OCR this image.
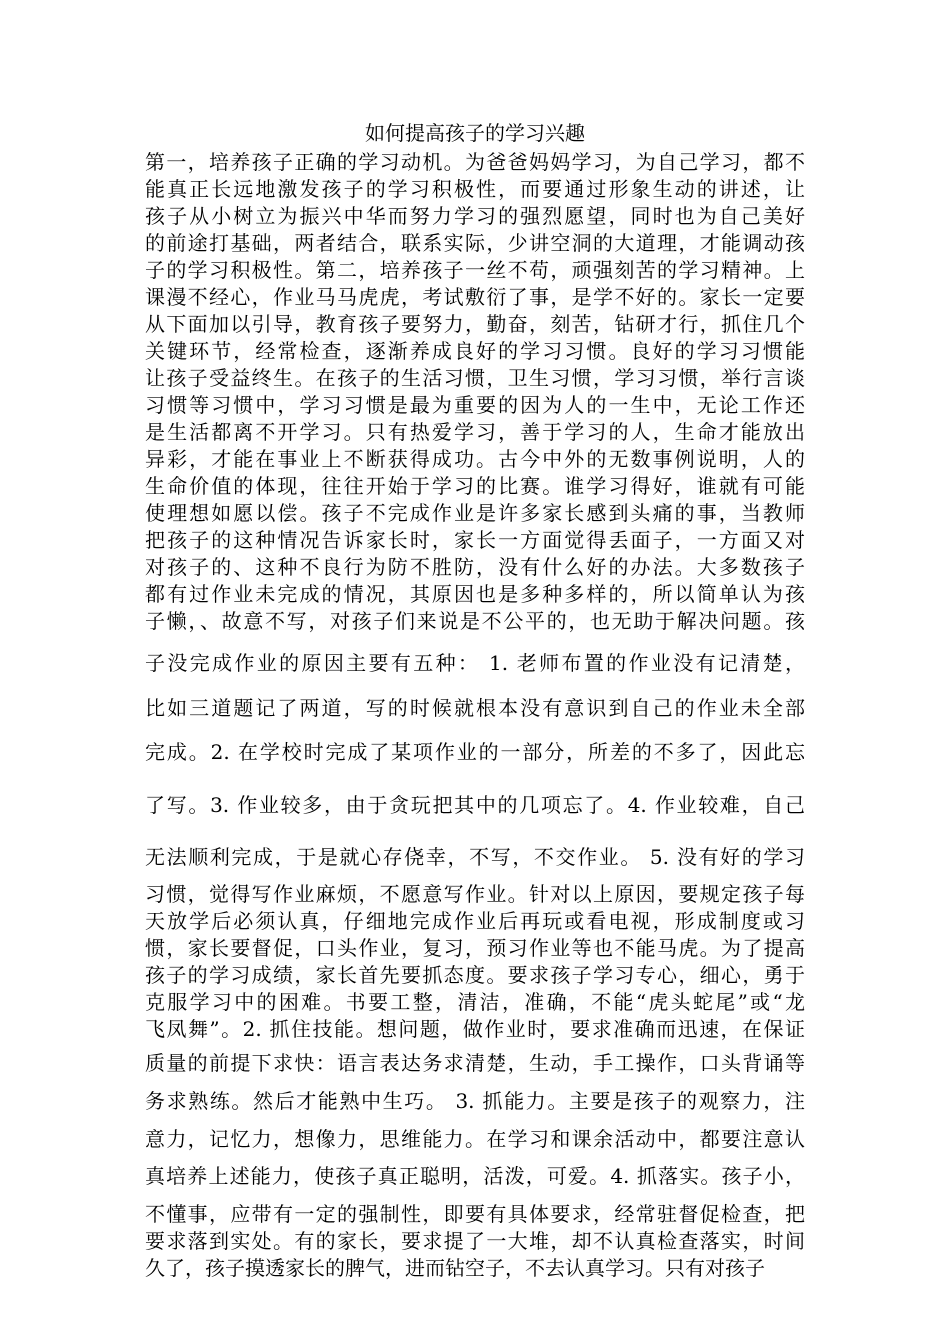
如何提高孩子的学习兴趣
第一，培养孩子正确的学习动机。为爸爸妈妈学习，为自己学习，都不
能真正长远地激发孩子的学习积极性，而要通过形象生动的讲述，让
孩子从小树立为振兴中华而努力学习的强烈愿望，同时也为自己美好
的前途打基础，两者结合，联系实际，少讲空洞的大道理，才能调动孩
子的学习积极性。第二，培养孩子一丝不苟，顽强刻苦的学习精神。上
课漫不经心，作业马马虎虎，考试敷衍了事，是学不好的。家长一定要
从下面加以引导，教育孩子要努力，勤奋，刻苦，钻研才行，抓住几个
关键环节，经常检查，逐渐养成良好的学习习惯。良好的学习习惯能
让孩子受益终生。在孩子的生活习惯，卫生习惯，学习习惯，举行言谈
习惯等习惯中，学习习惯是最为重要的因为人的一生中，无论工作还
是生活都离不开学习。只有热爱学习，善于学习的人，生命才能放出
异彩，才能在事业上不断获得成功。古今中外的无数事例说明，人的
生命价值的体现，往往开始于学习的比赛。谁学习得好，谁就有可能
使理想如愿以偿。孩子不完成作业是许多家长感到头痛的事，当教师
把孩子的这种情况告诉家长时，家长一方面觉得丢面子，一方面又对
对孩子的、这种不良行为防不胜防，没有什么好的办法。大多数孩子
都有过作业未完成的情况，其原因也是多种多样的，所以简单认为孩
子懒，、故意不写，对孩子们来说是不公平的，也无助于解决问题。孩
子没完成作业的原因主要有五种： 1. 老师布置的作业没有记清楚，
比如三道题记了两道，写的时候就根本没有意识到自己的作业未全部
完成。2. 在学校时完成了某项作业的一部分，所差的不多了，因此忘
了写。3. 作业较多，由于贪玩把其中的几项忘了。4. 作业较难，自己
无法顺利完成，于是就心存侥幸，不写，不交作业。 5. 没有好的学习
习惯，觉得写作业麻烦，不愿意写作业。针对以上原因，要规定孩子每
天放学后必须认真，仔细地完成作业后再玩或看电视，形成制度或习
惯，家长要督促，口头作业，复习，预习作业等也不能马虎。为了提高
孩子的学习成绩，家长首先要抓态度。要求孩子学习专心，细心，勇于
克服学习中的困难。书要工整，清洁，准确，不能“虎头蛇尾”或“龙
飞凤舞”。2. 抓住技能。想问题，做作业时，要求准确而迅速，在保证
质量的前提下求快：语言表达务求清楚，生动，手工操作，口头背诵等
务求熟练。然后才能熟中生巧。 3. 抓能力。主要是孩子的观察力，注
意力，记忆力，想像力，思维能力。在学习和课余活动中，都要注意认
真培养上述能力，使孩子真正聪明，活泼，可爱。4. 抓落实。孩子小，
不懂事，应带有一定的强制性，即要有具体要求，经常驻督促检查，把
要求落到实处。有的家长，要求提了一大堆，却不认真检查落实，时间
久了，孩子摸透家长的脾气，进而钻空子，不去认真学习。只有对孩子
